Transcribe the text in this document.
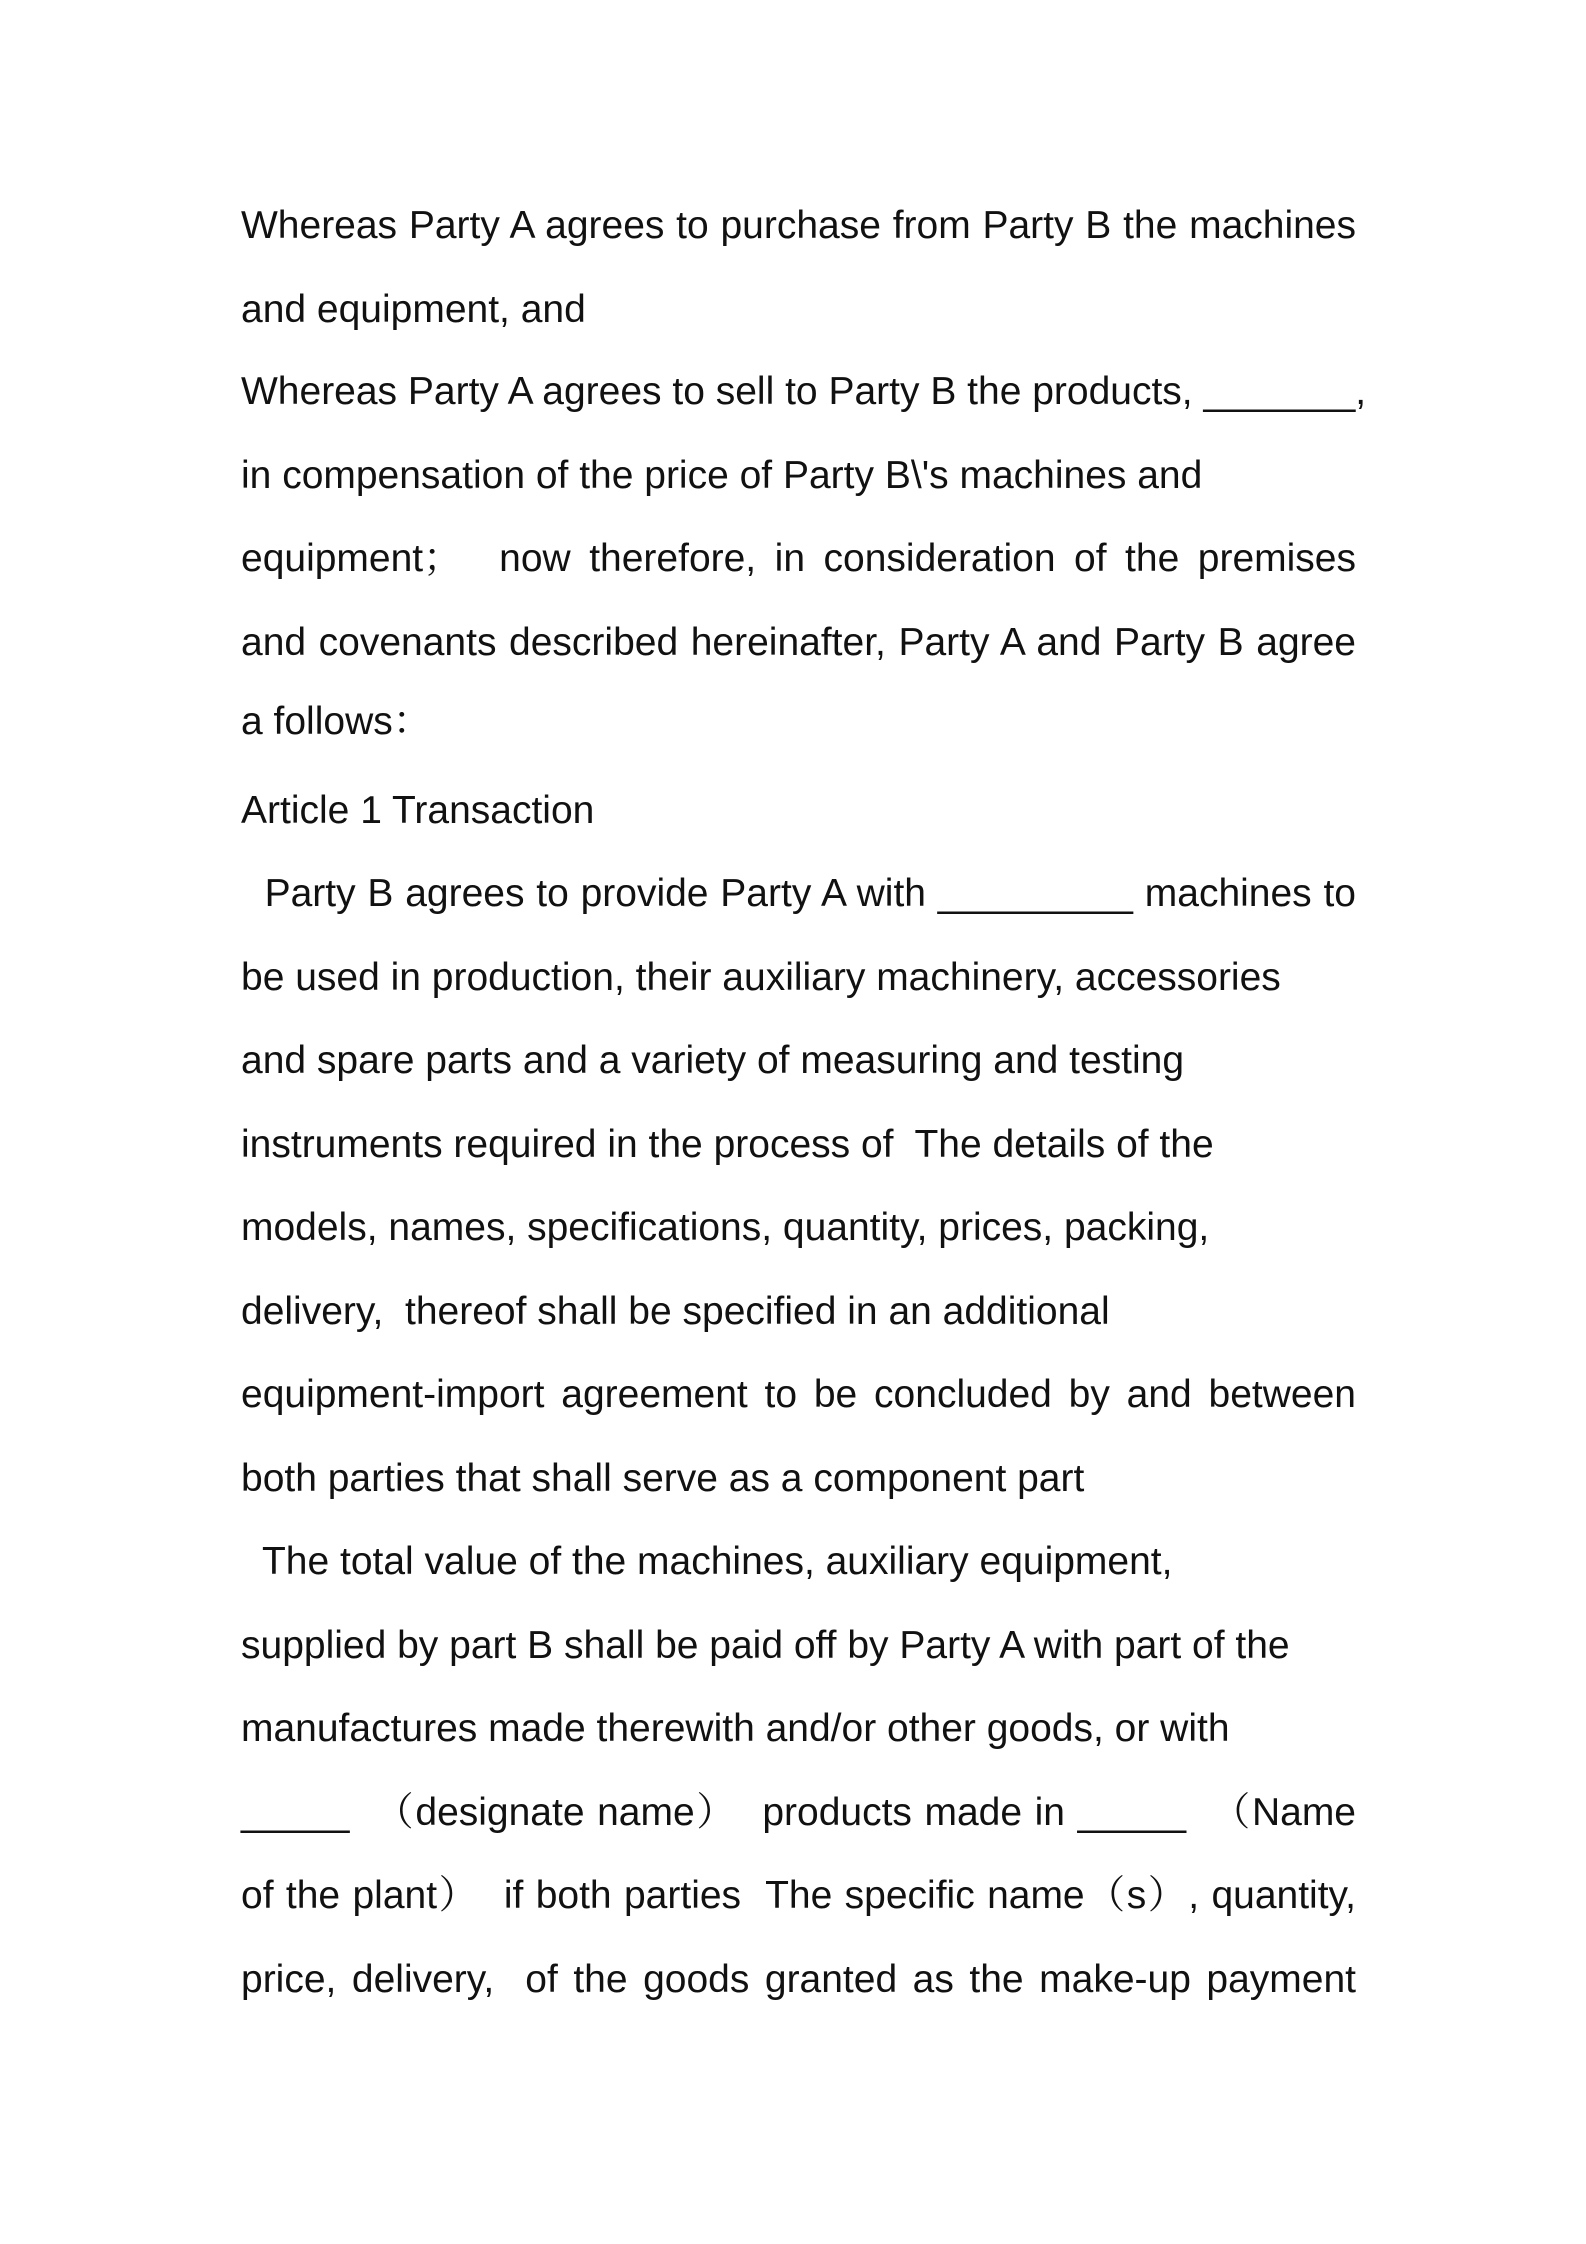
Whereas Party A agrees to purchase from Party B the machines
and equipment, and
Whereas Party A agrees to sell to Party B the products, _______,
in compensation of the price of Party B\'s machines and
equipment；  now therefore, in consideration of the premises
and covenants described hereinafter, Party A and Party B agree
a follows：
Article 1 Transaction
Party B agrees to provide Party A with _________ machines to
be used in production, their auxiliary machinery, accessories
and spare parts and a variety of measuring and testing
instruments required in the process of  The details of the
models, names, specifications, quantity, prices, packing,
delivery,  thereof shall be specified in an additional
equipment-import agreement to be concluded by and between
both parties that shall serve as a component part
The total value of the machines, auxiliary equipment,
supplied by part B shall be paid off by Party A with part of the
manufactures made therewith and/or other goods, or with
_____  （designate name）  products made in _____  （Name
of the plant）  if both parties  The specific name（s）, quantity,
price, delivery,  of the goods granted as the make-up payment
